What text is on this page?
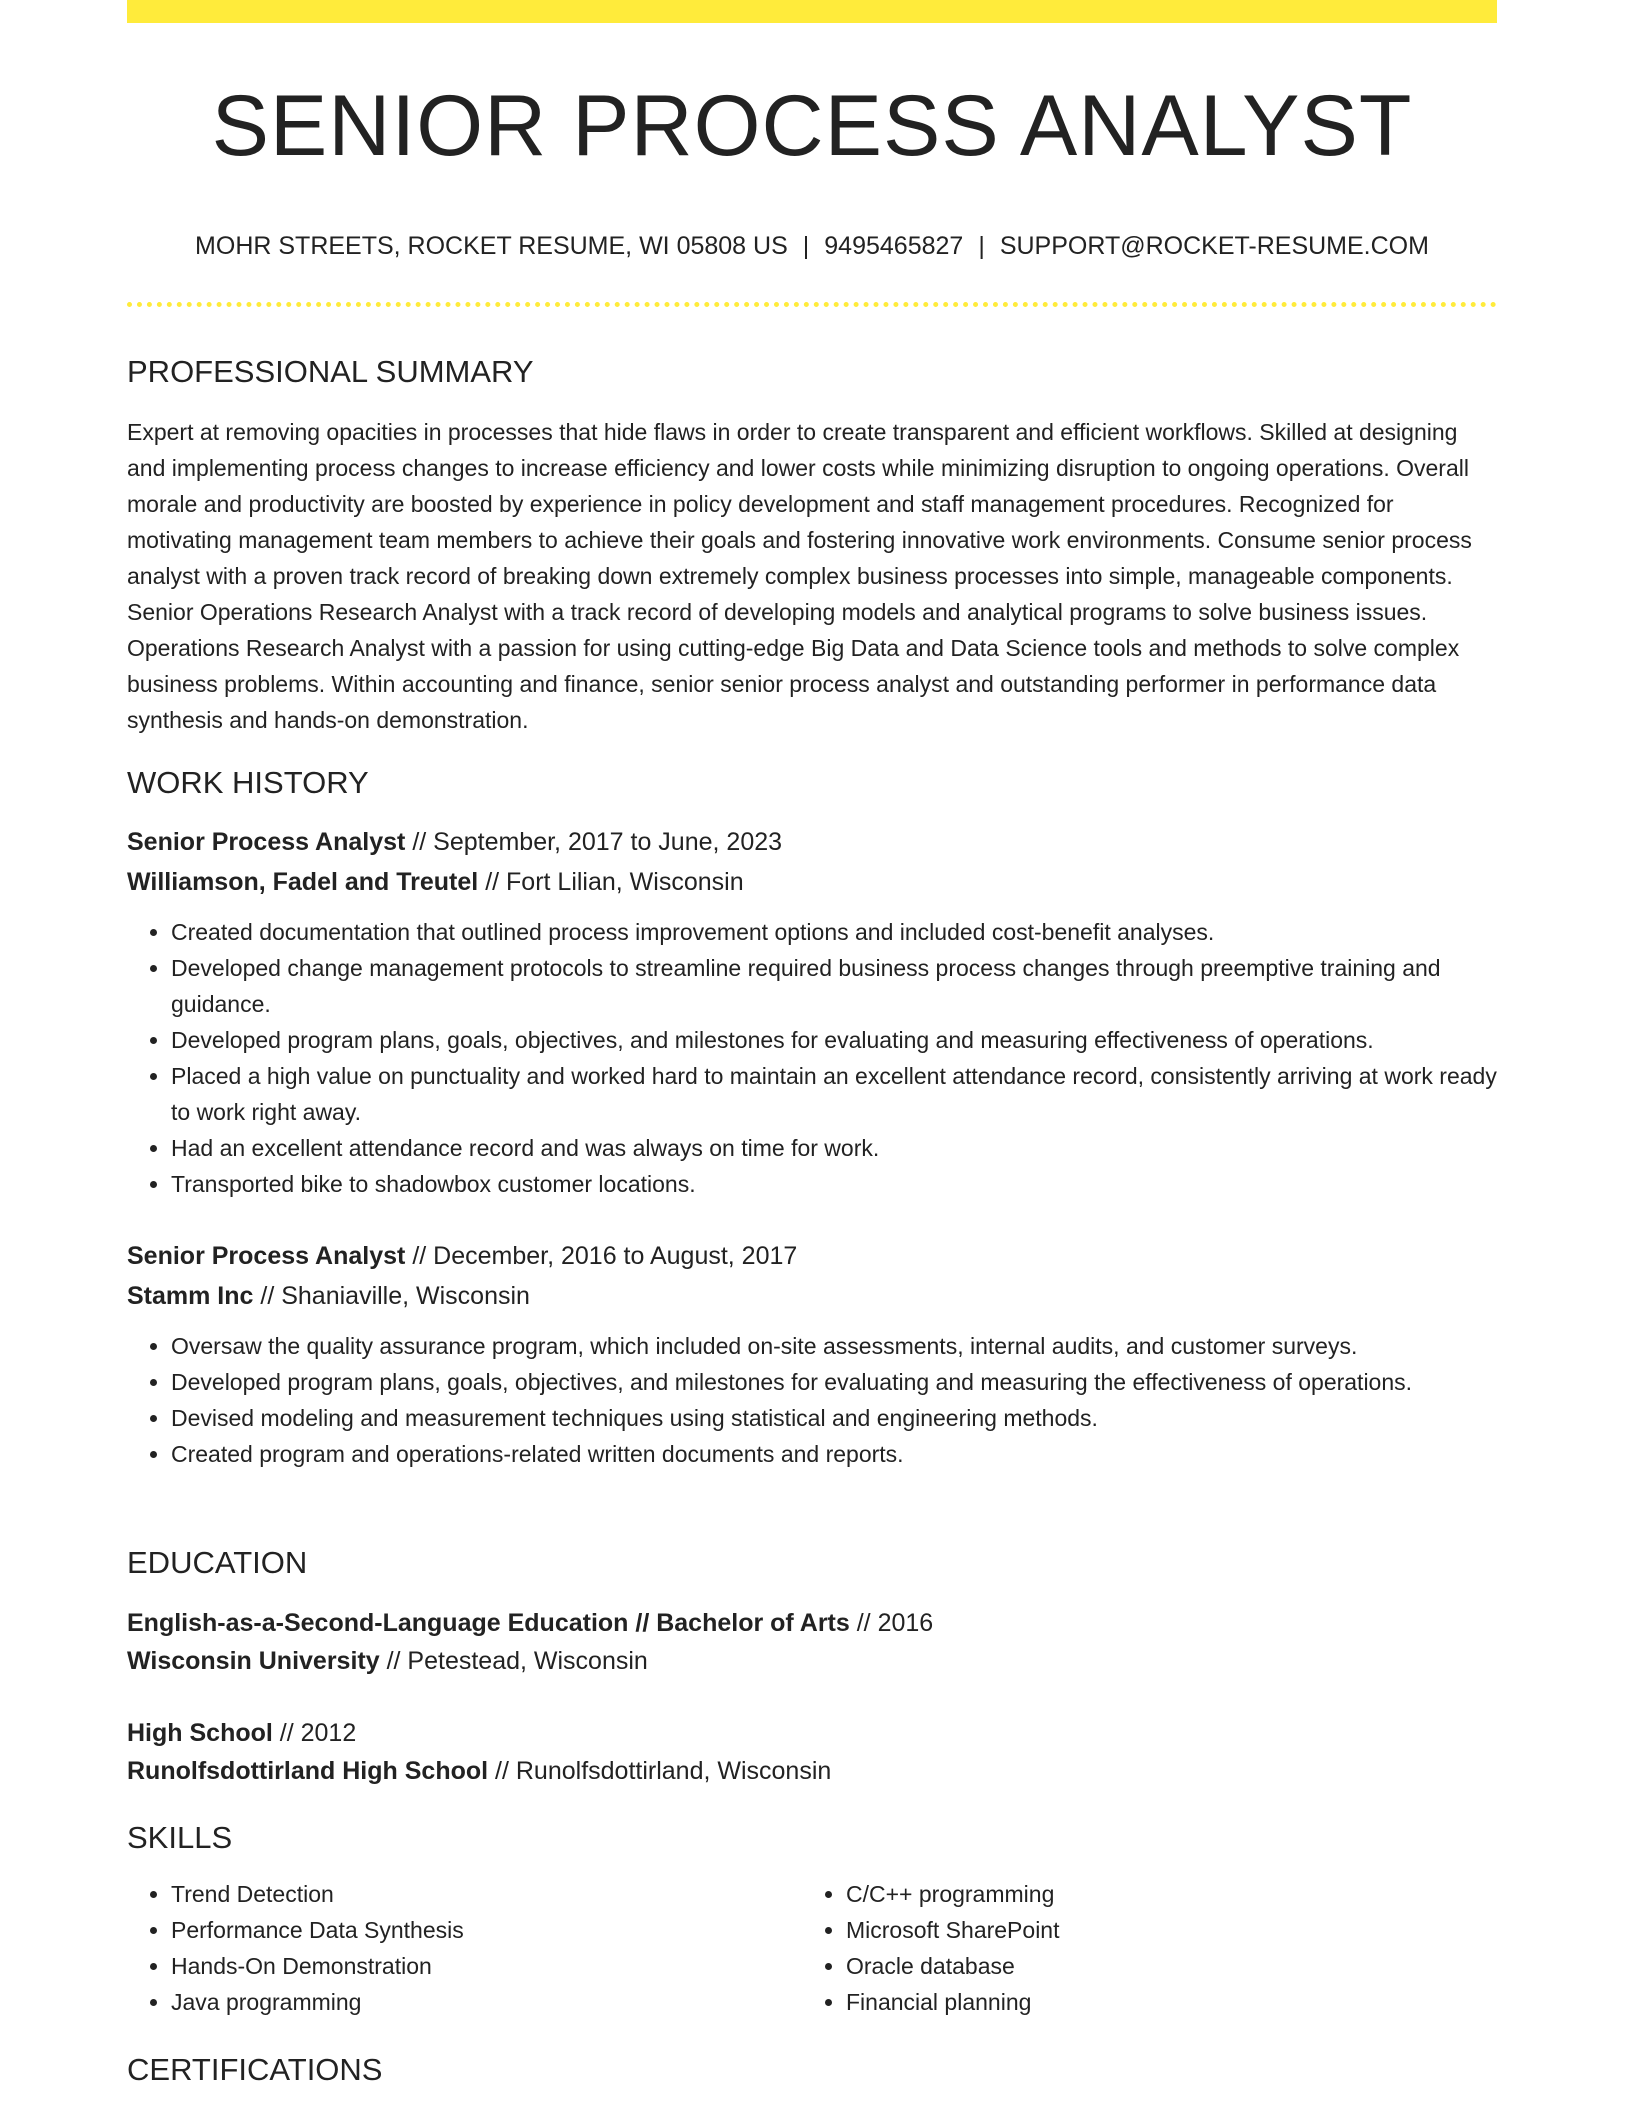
SENIOR PROCESS ANALYST
MOHR STREETS, ROCKET RESUME, WI 05808 US | 9495465827 | SUPPORT@ROCKET-RESUME.COM
PROFESSIONAL SUMMARY

Expert at removing opacities in processes that hide flaws in order to create transparent and efficient workflows. Skilled at designing and implementing process changes to increase efficiency and lower costs while minimizing disruption to ongoing operations. Overall morale and productivity are boosted by experience in policy development and staff management procedures. Recognized for motivating management team members to achieve their goals and fostering innovative work environments. Consume senior process analyst with a proven track record of breaking down extremely complex business processes into simple, manageable components. Senior Operations Research Analyst with a track record of developing models and analytical programs to solve business issues. Operations Research Analyst with a passion for using cutting-edge Big Data and Data Science tools and methods to solve complex business problems. Within accounting and finance, senior senior process analyst and outstanding performer in performance data synthesis and hands-on demonstration.

WORK HISTORY
Senior Process Analyst // September, 2017 to June, 2023
Williamson, Fadel and Treutel // Fort Lilian, Wisconsin
• Created documentation that outlined process improvement options and included cost-benefit analyses.
• Developed change management protocols to streamline required business process changes through preemptive training and guidance.
• Developed program plans, goals, objectives, and milestones for evaluating and measuring effectiveness of operations.
• Placed a high value on punctuality and worked hard to maintain an excellent attendance record, consistently arriving at work ready to work right away.
• Had an excellent attendance record and was always on time for work.
• Transported bike to shadowbox customer locations.
Senior Process Analyst // December, 2016 to August, 2017
Stamm Inc // Shaniaville, Wisconsin
• Oversaw the quality assurance program, which included on-site assessments, internal audits, and customer surveys.
• Developed program plans, goals, objectives, and milestones for evaluating and measuring the effectiveness of operations.
• Devised modeling and measurement techniques using statistical and engineering methods.
• Created program and operations-related written documents and reports.
EDUCATION
English-as-a-Second-Language Education // Bachelor of Arts // 2016
Wisconsin University // Petestead, Wisconsin
High School // 2012
Runolfsdottirland High School // Runolfsdottirland, Wisconsin
SKILLS
• Trend Detection
• Performance Data Synthesis
• Hands-On Demonstration
• Java programming
• C/C++ programming
• Microsoft SharePoint
• Oracle database
• Financial planning
CERTIFICATIONS
